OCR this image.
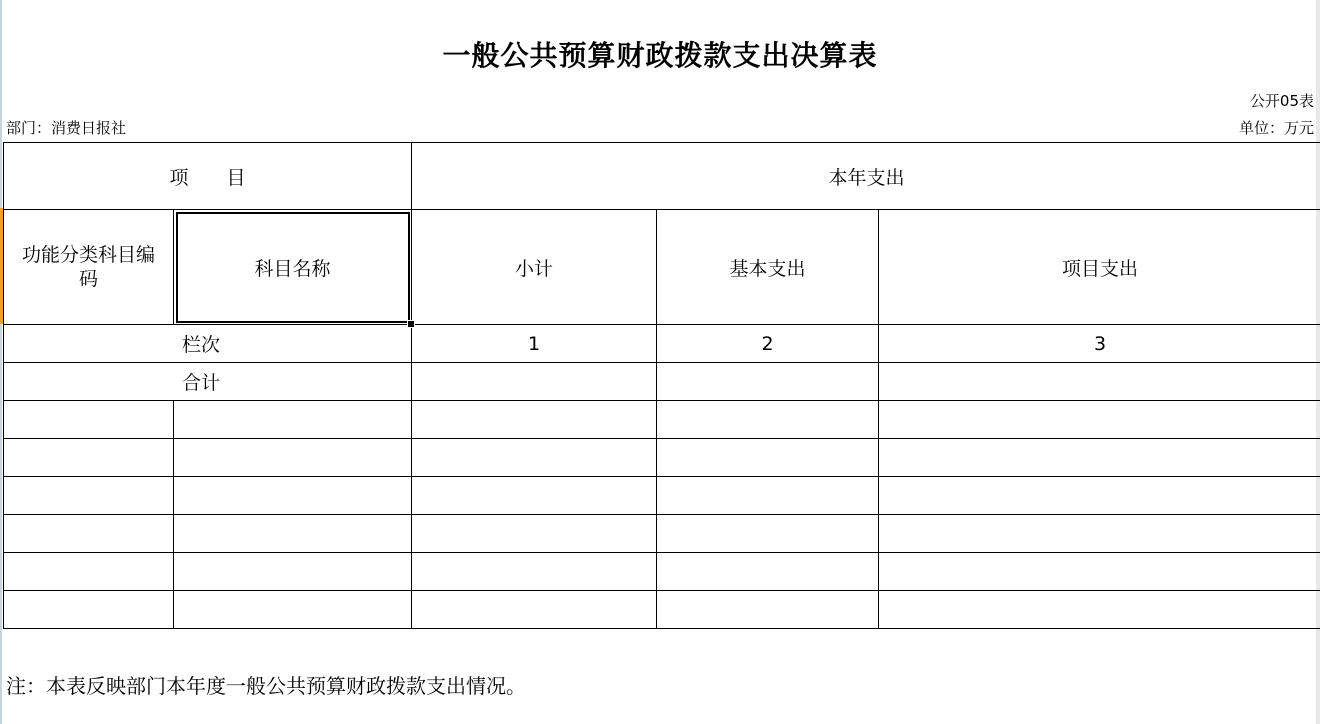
一般公共预算财政拨款支出决算表
公开05表
部门：消费日报社	单位：万元
项　　目		本年支出		
功能分类科目编码	科目名称	小计	基本支出	项目支出
栏次		1	2	3
合计				

注：本表反映部门本年度一般公共预算财政拨款支出情况。
